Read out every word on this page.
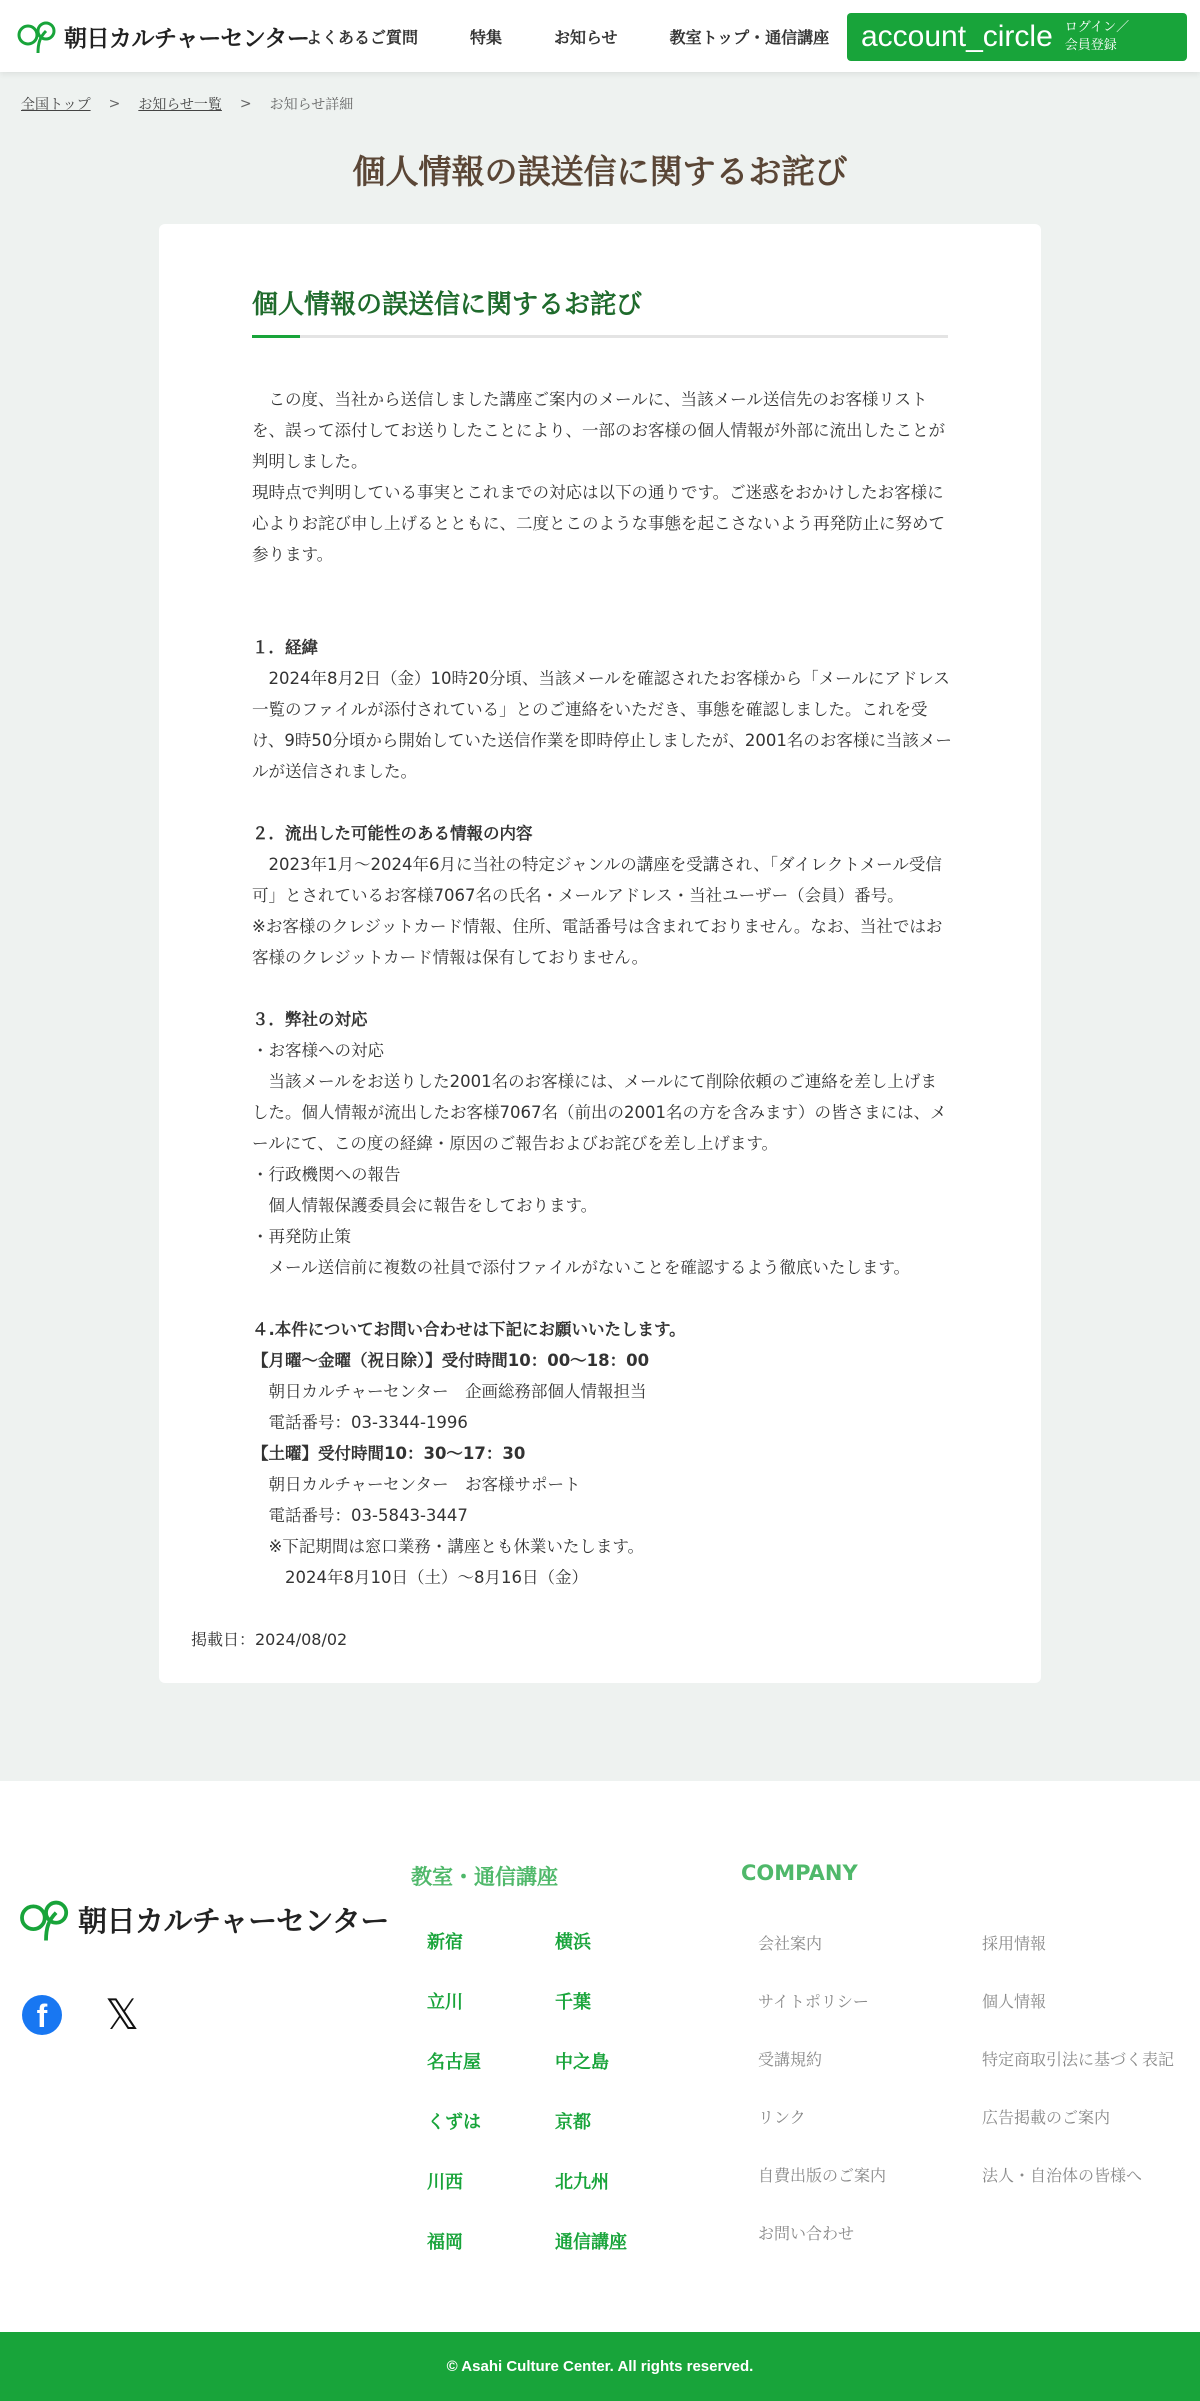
朝日カルチャーセンター
よくあるご質問	特集	お知らせ	教室トップ・通信講座 account_circle ログイン／
会員登録
全国トップ > お知らせ一覧 > お知らせ詳細
個人情報の誤送信に関するお詫び
個人情報の誤送信に関するお詫び

　この度、当社から送信しました講座ご案内のメールに、当該メール送信先のお客様リストを、誤って添付してお送りしたことにより、一部のお客様の個人情報が外部に流出したことが判明しました。

現時点で判明している事実とこれまでの対応は以下の通りです。ご迷惑をおかけしたお客様に心よりお詫び申し上げるとともに、二度とこのような事態を起こさないよう再発防止に努めて参ります。

１．経緯

　2024年8月2日（金）10時20分頃、当該メールを確認されたお客様から「メールにアドレス一覧のファイルが添付されている」とのご連絡をいただき、事態を確認しました。これを受け、9時50分頃から開始していた送信作業を即時停止しましたが、2001名のお客様に当該メールが送信されました。

２．流出した可能性のある情報の内容

　2023年1月～2024年6月に当社の特定ジャンルの講座を受講され、「ダイレクトメール受信可」とされているお客様7067名の氏名・メールアドレス・当社ユーザー（会員）番号。

※お客様のクレジットカード情報、住所、電話番号は含まれておりません。なお、当社ではお客様のクレジットカード情報は保有しておりません。

３．弊社の対応

・お客様への対応

　当該メールをお送りした2001名のお客様には、メールにて削除依頼のご連絡を差し上げました。個人情報が流出したお客様7067名（前出の2001名の方を含みます）の皆さまには、メールにて、この度の経緯・原因のご報告およびお詫びを差し上げます。

・行政機関への報告

　個人情報保護委員会に報告をしております。

・再発防止策

　メール送信前に複数の社員で添付ファイルがないことを確認するよう徹底いたします。

４.本件についてお問い合わせは下記にお願いいたします。

【月曜～金曜（祝日除）】受付時間10：00～18：00

　朝日カルチャーセンター　企画総務部個人情報担当

　電話番号：03-3344-1996

【土曜】受付時間10：30～17：30

　朝日カルチャーセンター　お客様サポート

　電話番号：03-5843-3447

　※下記期間は窓口業務・講座とも休業いたします。

　　2024年8月10日（土）～8月16日（金）

掲載日：2024/08/02
朝日カルチャーセンター
f	𝕏
教室・通信講座
新宿	横浜
立川	千葉
名古屋	中之島
くずは	京都
川西	北九州
福岡	通信講座
COMPANY
会社案内	採用情報
サイトポリシー	個人情報
受講規約	特定商取引法に基づく表記
リンク	広告掲載のご案内
自費出版のご案内	法人・自治体の皆様へ
お問い合わせ
© Asahi Culture Center. All rights reserved.
